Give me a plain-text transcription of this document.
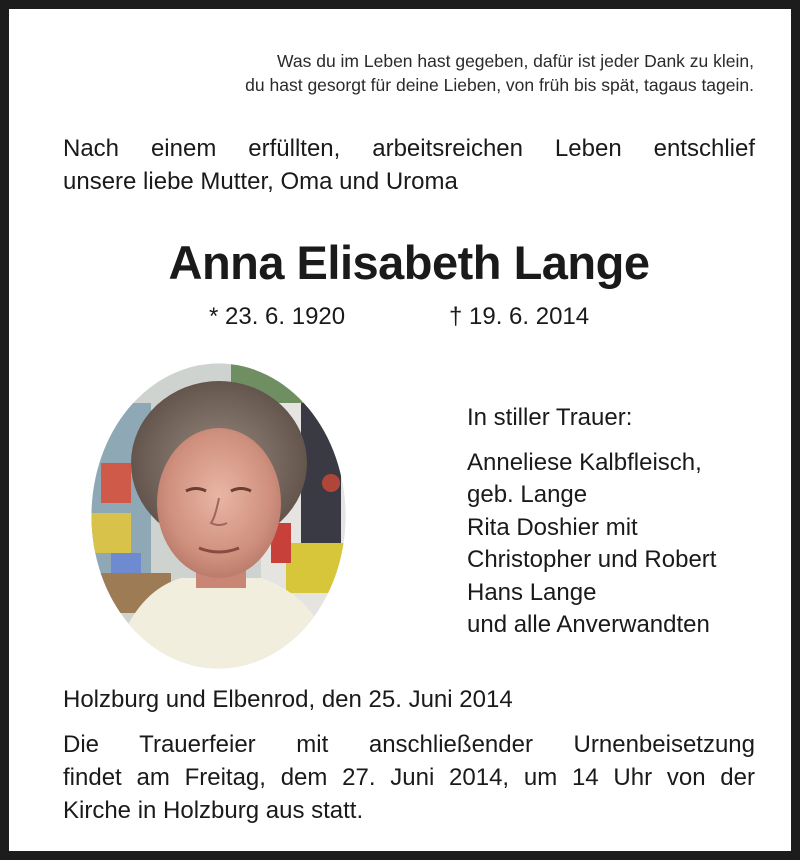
Was du im Leben hast gegeben, dafür ist jeder Dank zu klein,
du hast gesorgt für deine Lieben, von früh bis spät, tagaus tagein.
Nach einem erfüllten, arbeitsreichen Leben entschlief
unsere liebe Mutter, Oma und Uroma
Anna Elisabeth Lange
* 23. 6. 1920	† 19. 6. 2014
In stiller Trauer:
Anneliese Kalbfleisch,
geb. Lange
Rita Doshier mit
Christopher und Robert
Hans Lange
und alle Anverwandten
Holzburg und Elbenrod, den 25. Juni 2014
Die Trauerfeier mit anschließender Urnenbeisetzung
findet am Freitag, dem 27. Juni 2014, um 14 Uhr von der
Kirche in Holzburg aus statt.
